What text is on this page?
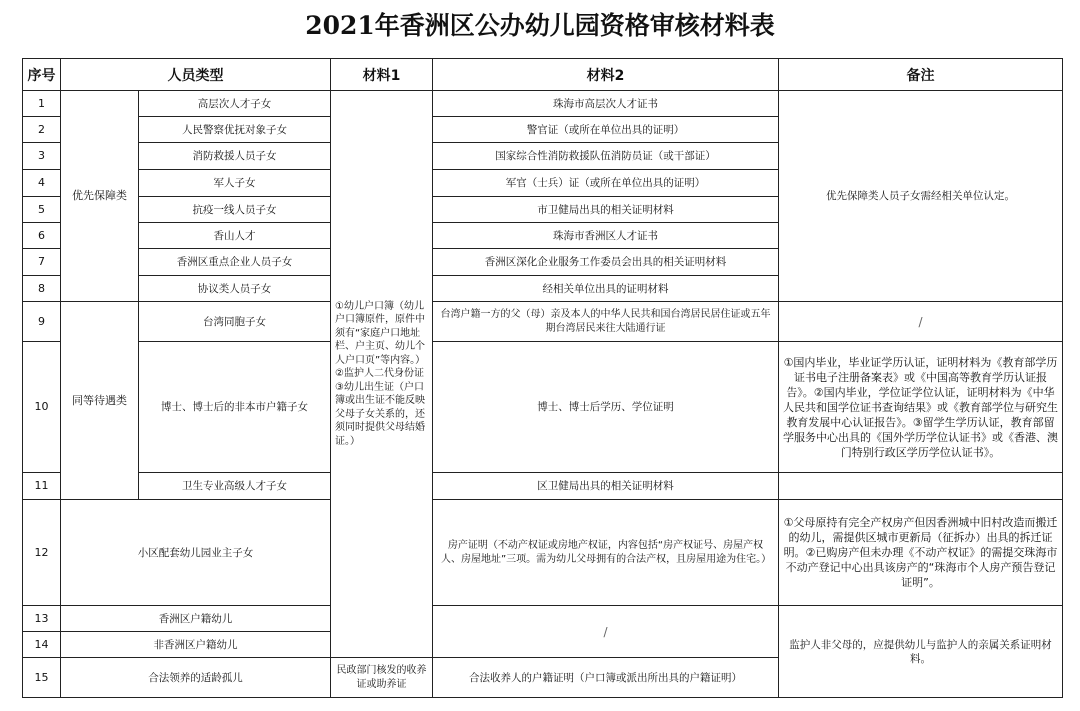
2021年香洲区公办幼儿园资格审核材料表
序号	人员类型		材料1	材料2	备注
1	优先保障类	高层次人才子女	①幼儿户口簿（幼儿户口簿原件，原件中须有“家庭户口地址栏、户主页、幼儿个人户口页”等内容。）②监护人二代身份证 ③幼儿出生证（户口簿或出生证不能反映父母子女关系的，还须同时提供父母结婚证。）	珠海市高层次人才证书	优先保障类人员子女需经相关单位认定。
2		人民警察优抚对象子女		警官证（或所在单位出具的证明）	
3		消防救援人员子女		国家综合性消防救援队伍消防员证（或干部证）	
4		军人子女		军官（士兵）证（或所在单位出具的证明）	
5		抗疫一线人员子女		市卫健局出具的相关证明材料	
6		香山人才		珠海市香洲区人才证书	
7		香洲区重点企业人员子女		香洲区深化企业服务工作委员会出具的相关证明材料	
8		协议类人员子女		经相关单位出具的证明材料	
9	同等待遇类	台湾同胞子女		台湾户籍一方的父（母）亲及本人的中华人民共和国台湾居民居住证或五年期台湾居民来往大陆通行证	/
10		博士、博士后的非本市户籍子女		博士、博士后学历、学位证明	①国内毕业，毕业证学历认证，证明材料为《教育部学历证书电子注册备案表》或《中国高等教育学历认证报告》。②国内毕业，学位证学位认证，证明材料为《中华人民共和国学位证书查询结果》或《教育部学位与研究生教育发展中心认证报告》。③留学生学历认证，教育部留学服务中心出具的《国外学历学位认证书》或《香港、澳门特别行政区学历学位认证书》。
11		卫生专业高级人才子女		区卫健局出具的相关证明材料	
12	小区配套幼儿园业主子女			房产证明（不动产权证或房地产权证，内容包括“房产权证号、房屋产权人、房屋地址”三项。需为幼儿父母拥有的合法产权，且房屋用途为住宅。）	①父母原持有完全产权房产但因香洲城中旧村改造而搬迁的幼儿，需提供区城市更新局（征拆办）出具的拆迁证明。②已购房产但未办理《不动产权证》的需提交珠海市不动产登记中心出具该房产的“珠海市个人房产预告登记证明”。
13	香洲区户籍幼儿			/	监护人非父母的，应提供幼儿与监护人的亲属关系证明材料。
14	非香洲区户籍幼儿				
15	合法领养的适龄孤儿		民政部门核发的收养证或助养证	合法收养人的户籍证明（户口簿或派出所出具的户籍证明）	
